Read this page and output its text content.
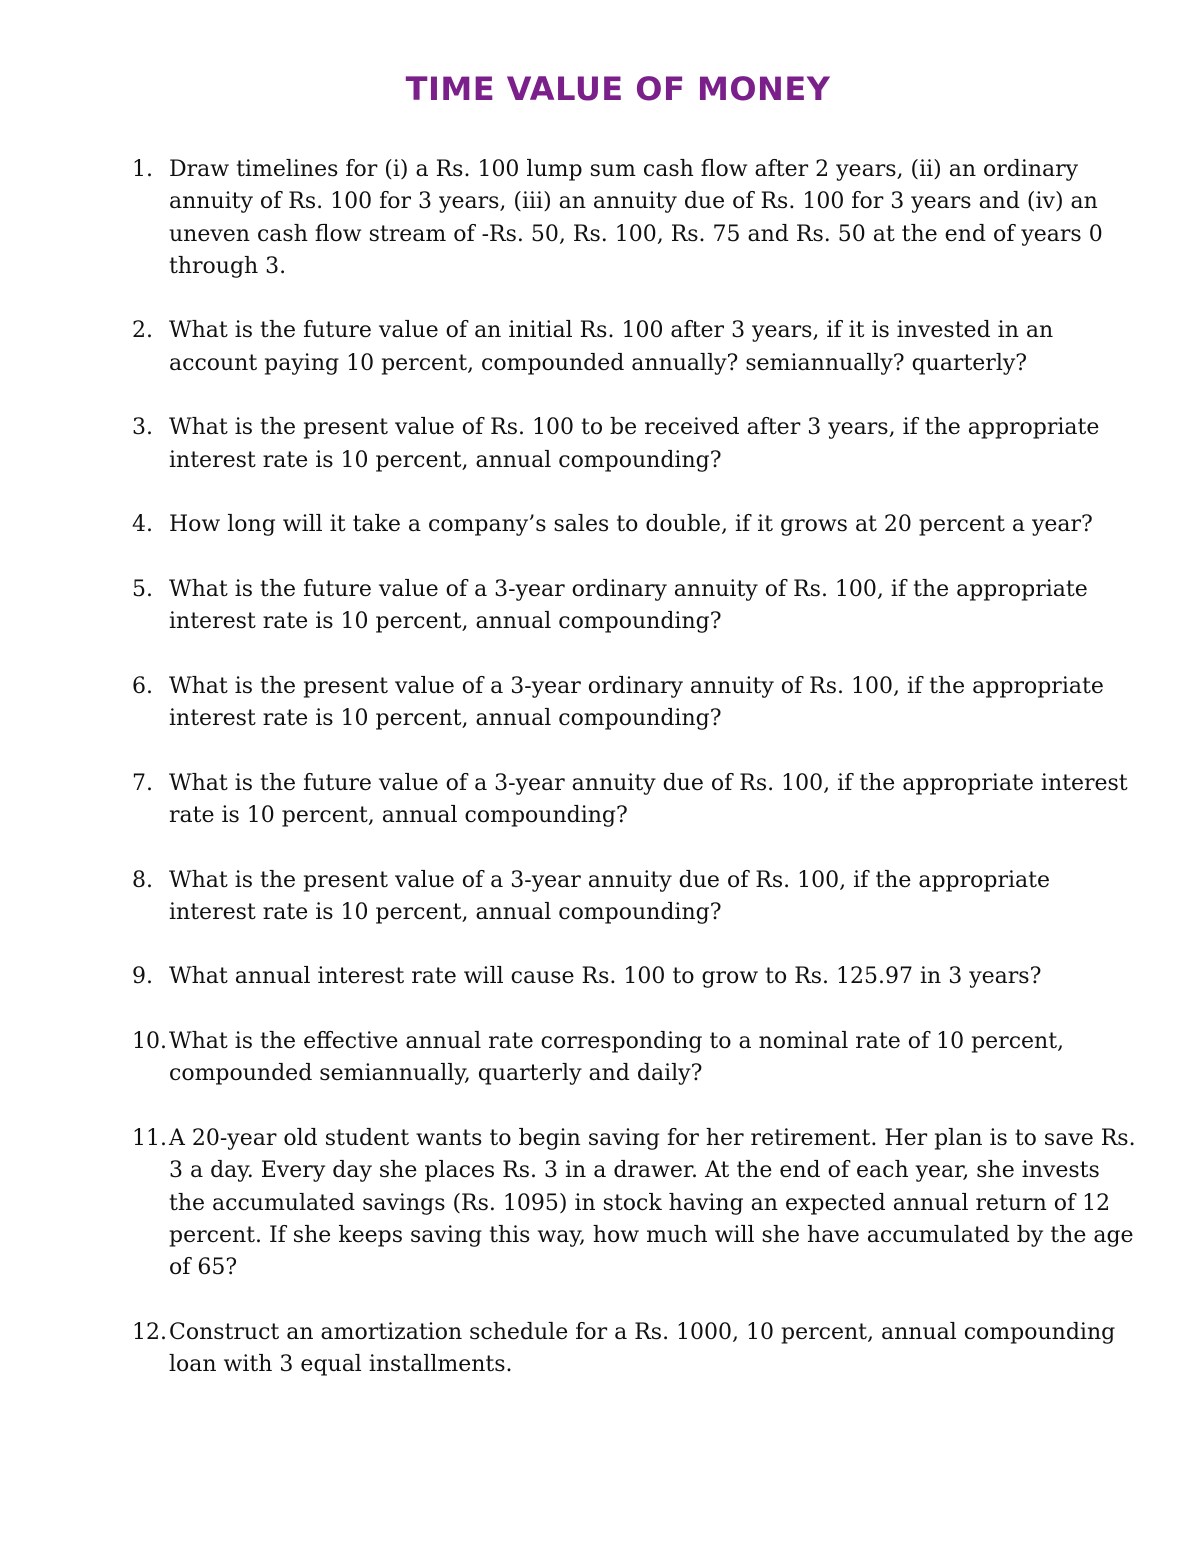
TIME VALUE OF MONEY
1. Draw timelines for (i) a Rs. 100 lump sum cash flow after 2 years, (ii) an ordinary annuity of Rs. 100 for 3 years, (iii) an annuity due of Rs. 100 for 3 years and (iv) an uneven cash flow stream of -Rs. 50, Rs. 100, Rs. 75 and Rs. 50 at the end of years 0 through 3.
2. What is the future value of an initial Rs. 100 after 3 years, if it is invested in an account paying 10 percent, compounded annually? semiannually? quarterly?
3. What is the present value of Rs. 100 to be received after 3 years, if the appropriate interest rate is 10 percent, annual compounding?
4. How long will it take a company’s sales to double, if it grows at 20 percent a year?
5. What is the future value of a 3-year ordinary annuity of Rs. 100, if the appropriate interest rate is 10 percent, annual compounding?
6. What is the present value of a 3-year ordinary annuity of Rs. 100, if the appropriate interest rate is 10 percent, annual compounding?
7. What is the future value of a 3-year annuity due of Rs. 100, if the appropriate interest rate is 10 percent, annual compounding?
8. What is the present value of a 3-year annuity due of Rs. 100, if the appropriate interest rate is 10 percent, annual compounding?
9. What annual interest rate will cause Rs. 100 to grow to Rs. 125.97 in 3 years?
10. What is the effective annual rate corresponding to a nominal rate of 10 percent, compounded semiannually, quarterly and daily?
11. A 20-year old student wants to begin saving for her retirement. Her plan is to save Rs. 3 a day. Every day she places Rs. 3 in a drawer. At the end of each year, she invests the accumulated savings (Rs. 1095) in stock having an expected annual return of 12 percent. If she keeps saving this way, how much will she have accumulated by the age of 65?
12. Construct an amortization schedule for a Rs. 1000, 10 percent, annual compounding loan with 3 equal installments.
